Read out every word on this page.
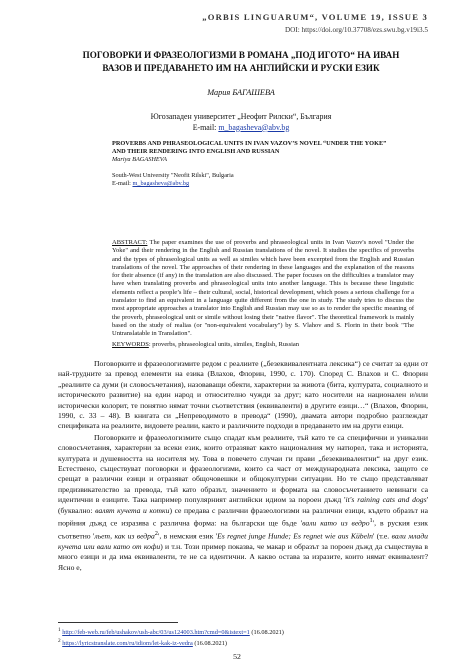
„ORBIS LINGUARUM“, VOLUME 19, ISSUE 3
DOI: https://doi.org/10.37708/ezs.swu.bg.v19i3.5
ПОГОВОРКИ И ФРАЗЕОЛОГИЗМИ В РОМАНА „ПОД ИГОТО“ НА ИВАН
ВАЗОВ И ПРЕДАВАНЕТО ИМ НА АНГЛИЙСКИ И РУСКИ ЕЗИК
Мария БАГАШЕВА
Югозападен университет „Неофит Рилски“, България
E-mail: m_bagasheva@abv.bg
PROVERBS AND PHRASEOLOGICAL UNITS IN IVAN VAZOV’S NOVEL “UNDER THE YOKE”
AND THEIR RENDERING INTO ENGLISH AND RUSSIAN
Mariya BAGASHEVA
South-West University "Neofit Rilski", Bulgaria
E-mail: m_bagasheva@abv.bg
ABSTRACT: The paper examines the use of proverbs and phraseological units in Ivan Vazov's novel "Under the Yoke" and their rendering in the English and Russian translations of the novel. It studies the specifics of proverbs and the types of phraseological units as well as similes which have been excerpted from the English and Russian translations of the novel. The approaches of their rendering in these languages and the explanation of the reasons for their absence (if any) in the translation are also discussed. The paper focuses on the difficulties a translator may have when translating proverbs and phraseological units into another language. This is because these linguistic elements reflect a people’s life – their cultural, social, historical development, which poses a serious challenge for a translator to find an equivalent in a language quite different from the one in study. The study tries to discuss the most appropriate approaches a translator into English and Russian may use so as to render the specific meaning of the proverb, phraseological unit or simile without losing their "native flavor". The theoretical framework is mainly based on the study of realias (or "non-equivalent vocabulary") by S. Vlahov and S. Florin in their book "The Untranslatable in Translation".
KEYWORDS: proverbs, phraseological units, similes, English, Russian

Поговорките и фразеологизмите редом с реалиите („безеквивалентната лексика“) се считат за едни от най-трудните за превод елементи на езика (Влахов, Флорин, 1990, с. 170). Според С. Влахов и С. Флорин „реалиите са думи (и словосъчетания), назоваващи обекти, характерни за живота (бита, културата, социалното и историческото развитие) на един народ и относително чужди за друг; като носители на национален и/или исторически колорит, те понятно нямат точни съответствия (еквиваленти) в другите езици…“ (Влахов, Флорин, 1990, с. 33 – 48). В книгата си „Непреводимото в превода“ (1990), двамата автори подробно разглеждат спецификата на реалиите, видовете реалии, както и различните подходи в предаването им на други езици.

Поговорките и фразеологизмите също спадат към реалиите, тъй като те са специфични и уникални словосъчетания, характерни за всеки език, които отразяват както националния му натюрел, така и историята, културата и душевността на носителя му. Това в повечето случаи ги прави „безеквивалентни“ на друг език. Естествено, съществуват поговорки и фразеологизми, които са част от международната лексика, защото се срещат в различни езици и отразяват общочовешки и общокултурни ситуации. Но те също представляват предизвикателство за превода, тъй като образът, значението и формата на словосъчетанието невинаги са идентични в езиците. Така например популярният английски идиом за пороен дъжд 'it's raining cats and dogs' (буквално: валят кучета и котки) се предава с различни фразеологизми на различни езици, където образът на порйния дъжд се изразява с различна форма: на български ще бъде 'вали като из ведро$^1$', в руския език съответно 'льет, как из ведра$^2$', в немския език 'Es regnet junge Hunde; Es regnet wie aus Kübeln' (т.е. вали млади кучета или вали като от кофи) и т.н. Този пример показва, че макар и образът за пороен дъжд да съществува в много езици и да има еквиваленти, те не са идентични. А какво остава за изразите, които нямат еквивалент? Ясно е,

$^1$ http://feb-web.ru/feb/ushakov/ush-abc/03/us124003.htm?cmd=0&istext=1 (16.08.2021)
$^2$ https://lyricstranslate.com/ru/idiom/let-kak-iz-vedra (16.08.2021)
52
